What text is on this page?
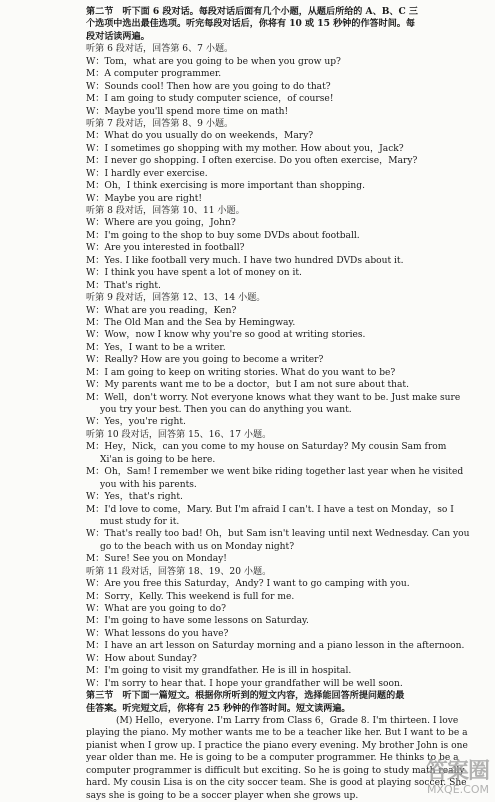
第二节　听下面 6 段对话。每段对话后面有几个小题，从题后所给的 A、B、C 三
个选项中选出最佳选项。听完每段对话后，你将有 10 或 15 秒钟的作答时间。每
段对话读两遍。
听第 6 段对话，回答第 6、7 小题。
W：Tom，what are you going to be when you grow up?
M：A computer programmer.
W：Sounds cool! Then how are you going to do that?
M：I am going to study computer science，of course!
W：Maybe you'll spend more time on math!
听第 7 段对话，回答第 8、9 小题。
M：What do you usually do on weekends，Mary?
W：I sometimes go shopping with my mother. How about you，Jack?
M：I never go shopping. I often exercise. Do you often exercise，Mary?
W：I hardly ever exercise.
M：Oh，I think exercising is more important than shopping.
W：Maybe you are right!
听第 8 段对话，回答第 10、11 小题。
W：Where are you going，John?
M：I'm going to the shop to buy some DVDs about football.
W：Are you interested in football?
M：Yes. I like football very much. I have two hundred DVDs about it.
W：I think you have spent a lot of money on it.
M：That's right.
听第 9 段对话，回答第 12、13、14 小题。
W：What are you reading，Ken?
M：The Old Man and the Sea by Hemingway.
W：Wow，now I know why you're so good at writing stories.
M：Yes，I want to be a writer.
W：Really? How are you going to become a writer?
M：I am going to keep on writing stories. What do you want to be?
W：My parents want me to be a doctor，but I am not sure about that.
M：Well，don't worry. Not everyone knows what they want to be. Just make sure
you try your best. Then you can do anything you want.
W：Yes，you're right.
听第 10 段对话，回答第 15、16、17 小题。
M：Hey，Nick，can you come to my house on Saturday? My cousin Sam from
Xi'an is going to be here.
M：Oh，Sam! I remember we went bike riding together last year when he visited
you with his parents.
W：Yes，that's right.
M：I'd love to come，Mary. But I'm afraid I can't. I have a test on Monday，so I
must study for it.
W：That's really too bad! Oh，but Sam isn't leaving until next Wednesday. Can you
go to the beach with us on Monday night?
M：Sure! See you on Monday!
听第 11 段对话，回答第 18、19、20 小题。
W：Are you free this Saturday，Andy? I want to go camping with you.
M：Sorry，Kelly. This weekend is full for me.
W：What are you going to do?
M：I'm going to have some lessons on Saturday.
W：What lessons do you have?
M：I have an art lesson on Saturday morning and a piano lesson in the afternoon.
W：How about Sunday?
M：I'm going to visit my grandfather. He is ill in hospital.
W：I'm sorry to hear that. I hope your grandfather will be well soon.
第三节　听下面一篇短文。根据你所听到的短文内容，选择能回答所提问题的最
佳答案。听完短文后，你将有 25 秒钟的作答时间。短文读两遍。
(M) Hello，everyone. I'm Larry from Class 6，Grade 8. I'm thirteen. I love
playing the piano. My mother wants me to be a teacher like her. But I want to be a
pianist when I grow up. I practice the piano every evening. My brother John is one
year older than me. He is going to be a computer programmer. He thinks to be a
computer programmer is difficult but exciting. So he is going to study math really
hard. My cousin Lisa is on the city soccer team. She is good at playing soccer. She
says she is going to be a soccer player when she grows up.
答案圈
MXQE.COM
